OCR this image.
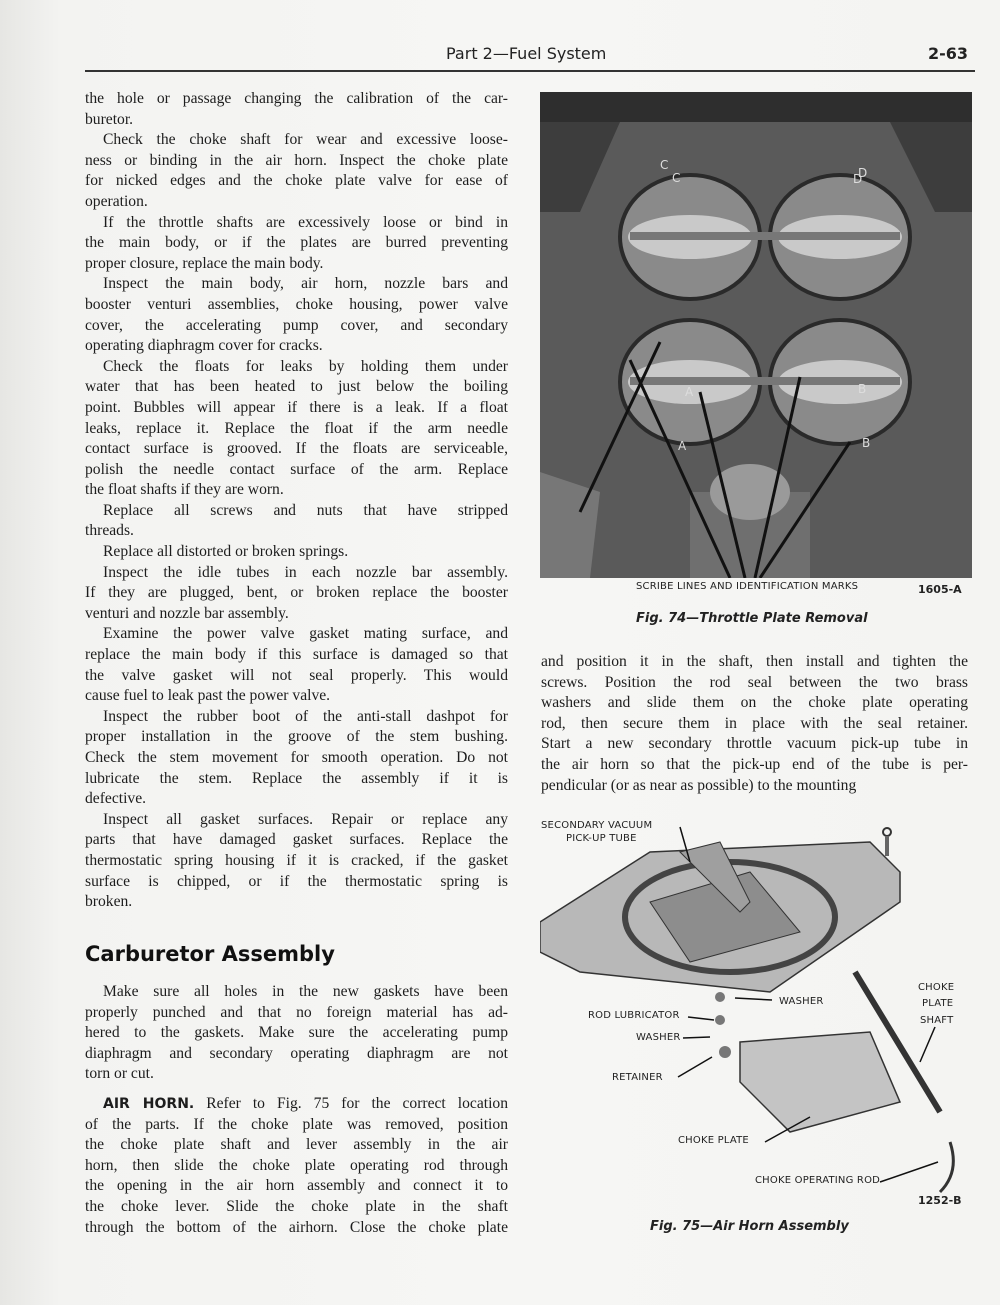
Part 2—Fuel System	2-63
the hole or passage changing the calibration of the car-
buretor.
Check the choke shaft for wear and excessive loose-
ness or binding in the air horn. Inspect the choke plate
for nicked edges and the choke plate valve for ease of
operation.
If the throttle shafts are excessively loose or bind in
the main body, or if the plates are burred preventing
proper closure, replace the main body.
Inspect the main body, air horn, nozzle bars and
booster venturi assemblies, choke housing, power valve
cover, the accelerating pump cover, and secondary
operating diaphragm cover for cracks.
Check the floats for leaks by holding them under
water that has been heated to just below the boiling
point. Bubbles will appear if there is a leak. If a float
leaks, replace it. Replace the float if the arm needle
contact surface is grooved. If the floats are serviceable,
polish the needle contact surface of the arm. Replace
the float shafts if they are worn.
Replace all screws and nuts that have stripped
threads.
Replace all distorted or broken springs.
Inspect the idle tubes in each nozzle bar assembly.
If they are plugged, bent, or broken replace the booster
venturi and nozzle bar assembly.
Examine the power valve gasket mating surface, and
replace the main body if this surface is damaged so that
the valve gasket will not seal properly. This would
cause fuel to leak past the power valve.
Inspect the rubber boot of the anti-stall dashpot for
proper installation in the groove of the stem bushing.
Check the stem movement for smooth operation. Do not
lubricate the stem. Replace the assembly if it is
defective.
Inspect all gasket surfaces. Repair or replace any
parts that have damaged gasket surfaces. Replace the
thermostatic spring housing if it is cracked, if the gasket
surface is chipped, or if the thermostatic spring is
broken.
Carburetor Assembly
Make sure all holes in the new gaskets have been
properly punched and that no foreign material has ad-
hered to the gaskets. Make sure the accelerating pump
diaphragm and secondary operating diaphragm are not
torn or cut.
AIR HORN. Refer to Fig. 75 for the correct location
of the parts. If the choke plate was removed, position
the choke plate shaft and lever assembly in the air
horn, then slide the choke plate operating rod through
the opening in the air horn assembly and connect it to
the choke lever. Slide the choke plate in the shaft
through the bottom of the airhorn. Close the choke plate
and position it in the shaft, then install and tighten the
screws. Position the rod seal between the two brass
washers and slide them on the choke plate operating
rod, then secure them in place with the seal retainer.
Start a new secondary throttle vacuum pick-up tube in
the air horn so that the pick-up end of the tube is per-
pendicular (or as near as possible) to the mounting
C
D
C	D
A	B
A	B
SCRIBE LINES AND IDENTIFICATION MARKS	1605-A
Fig. 74—Throttle Plate Removal
SECONDARY VACUUM
PICK-UP TUBE
WASHER
CHOKE
PLATE
SHAFT
ROD LUBRICATOR
WASHER
RETAINER
CHOKE PLATE
CHOKE OPERATING ROD
1252-B
Fig. 75—Air Horn Assembly
